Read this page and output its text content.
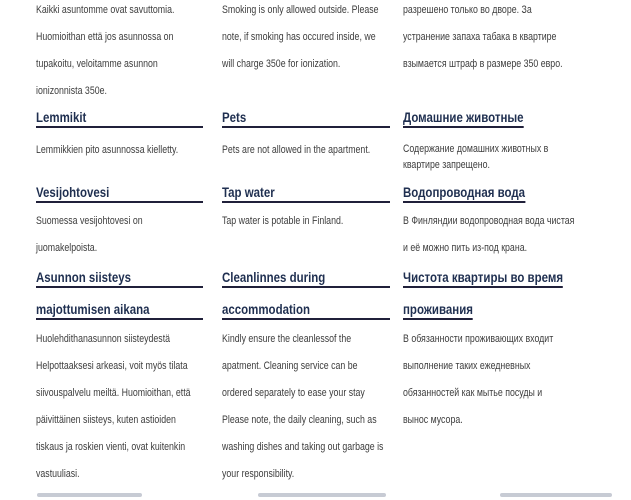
Kaikki asuntomme ovat savuttomia.
Huomioithan että jos asunnossa on
tupakoitu, veloitamme asunnon
ionizonnista 350e.
Lemmikit
Lemmikkien pito asunnossa kielletty.
Vesijohtovesi
Suomessa vesijohtovesi on
juomakelpoista.
Asunnon siisteys
majottumisen aikana
Huolehdithanasunnon siisteydestä
Helpottaaksesi arkeasi, voit myös tilata
siivouspalvelu meiltä. Huomioithan, että
päivittäinen siisteys, kuten astioiden
tiskaus ja roskien vienti, ovat kuitenkin
vastuuliasi.
Smoking is only allowed outside. Please
note, if smoking has occured inside, we
will charge 350e for ionization.
Pets
Pets are not allowed in the apartment.
Tap water
Tap water is potable in Finland.
Cleanlinnes during
accommodation
Kindly ensure the cleanlessof the
apatment. Cleaning service can be
ordered separately to ease your stay
Please note, the daily cleaning, such as
washing dishes and taking out garbage is
your responsibility.
разрешено только во дворе. За
устранение запаха табака в квартире
взымается штраф в размере 350 евро.
Домашние животные
Содержание домашних животных в
квартире запрещено.
Водопроводная вода
В Финляндии водопроводная вода чистая
и её можно пить из-под крана.
Чистота квартиры во время
проживания
В обязанности проживающих входит
выполнение таких ежедневных
обязанностей как мытье посуды и
вынос мусора.
